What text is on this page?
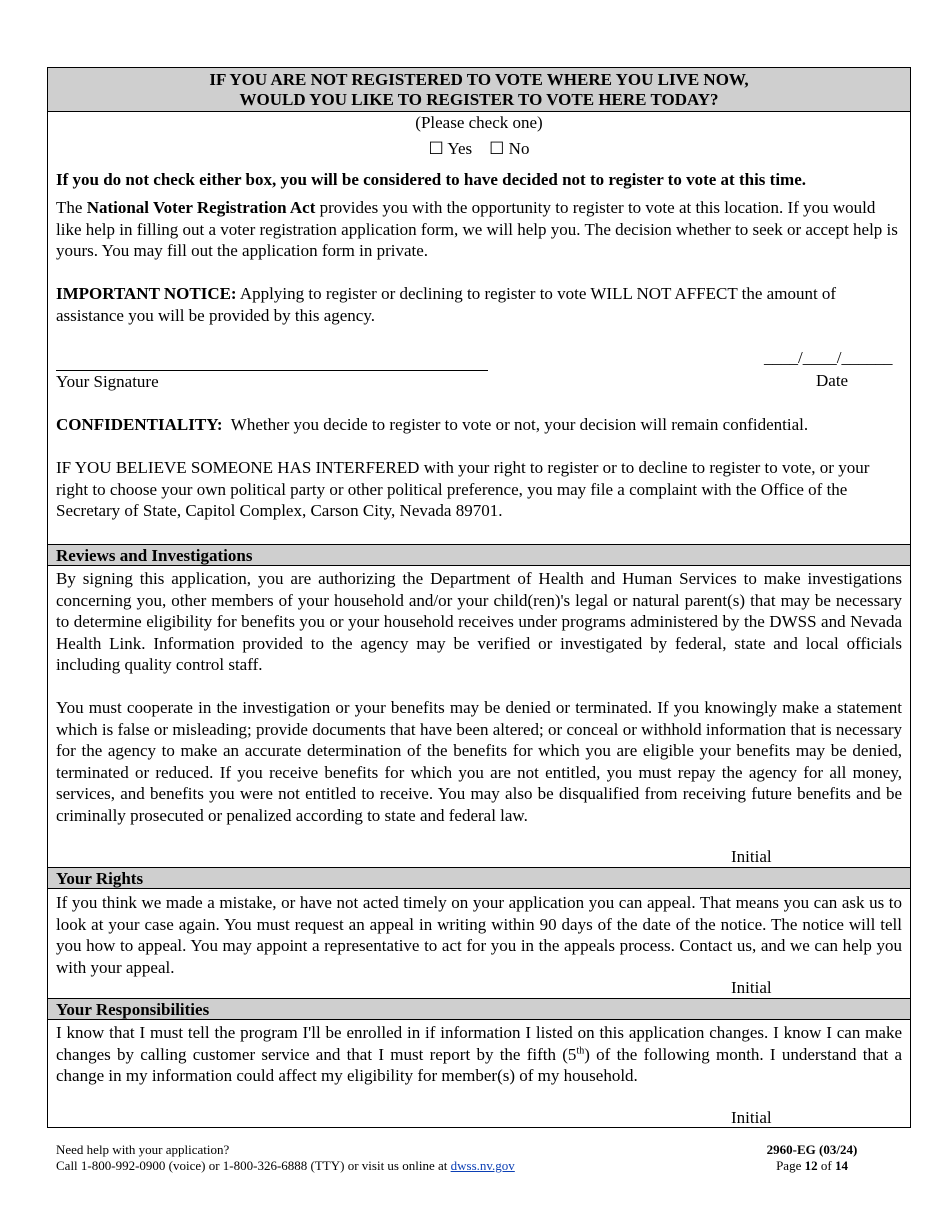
IF YOU ARE NOT REGISTERED TO VOTE WHERE YOU LIVE NOW,
WOULD YOU LIKE TO REGISTER TO VOTE HERE TODAY?
(Please check one)
☐ Yes ☐ No
If you do not check either box, you will be considered to have decided not to register to vote at this time.
The National Voter Registration Act provides you with the opportunity to register to vote at this location. If you would like help in filling out a voter registration application form, we will help you. The decision whether to seek or accept help is yours. You may fill out the application form in private.
IMPORTANT NOTICE: Applying to register or declining to register to vote WILL NOT AFFECT the amount of assistance you will be provided by this agency.
Your Signature
____/____/______
Date
CONFIDENTIALITY:  Whether you decide to register to vote or not, your decision will remain confidential.
IF YOU BELIEVE SOMEONE HAS INTERFERED with your right to register or to decline to register to vote, or your right to choose your own political party or other political preference, you may file a complaint with the Office of the Secretary of State, Capitol Complex, Carson City, Nevada 89701.
Reviews and Investigations
By signing this application, you are authorizing the Department of Health and Human Services to make investigations concerning you, other members of your household and/or your child(ren)'s legal or natural parent(s) that may be necessary to determine eligibility for benefits you or your household receives under programs administered by the DWSS and Nevada Health Link. Information provided to the agency may be verified or investigated by federal, state and local officials including quality control staff.
You must cooperate in the investigation or your benefits may be denied or terminated. If you knowingly make a statement which is false or misleading; provide documents that have been altered; or conceal or withhold information that is necessary for the agency to make an accurate determination of the benefits for which you are eligible your benefits may be denied, terminated or reduced. If you receive benefits for which you are not entitled, you must repay the agency for all money, services, and benefits you were not entitled to receive. You may also be disqualified from receiving future benefits and be criminally prosecuted or penalized according to state and federal law.
Initial
Your Rights
If you think we made a mistake, or have not acted timely on your application you can appeal. That means you can ask us to look at your case again. You must request an appeal in writing within 90 days of the date of the notice. The notice will tell you how to appeal. You may appoint a representative to act for you in the appeals process. Contact us, and we can help you with your appeal.
Initial
Your Responsibilities
I know that I must tell the program I'll be enrolled in if information I listed on this application changes. I know I can make changes by calling customer service and that I must report by the fifth (5th) of the following month. I understand that a change in my information could affect my eligibility for member(s) of my household.
Initial
Need help with your application?
Call 1-800-992-0900 (voice) or 1-800-326-6888 (TTY) or visit us online at dwss.nv.gov
2960-EG (03/24)
Page 12 of 14
